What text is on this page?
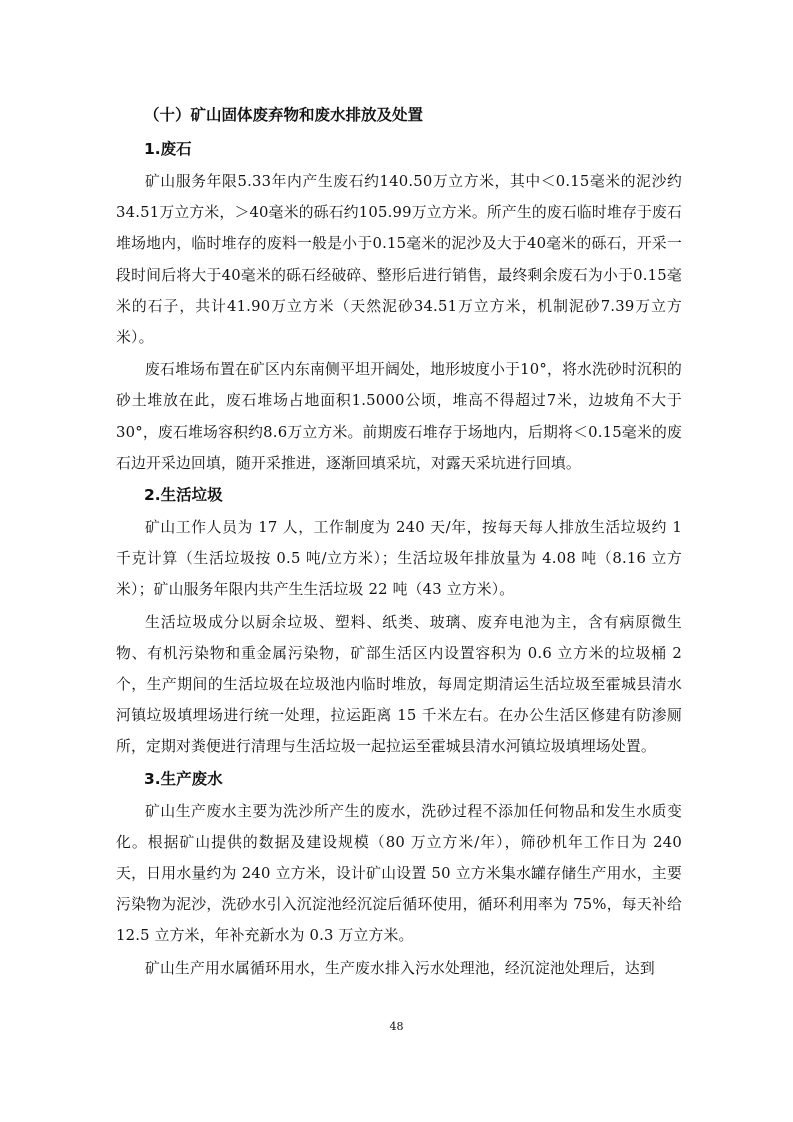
（十）矿山固体废弃物和废水排放及处置
1.废石

矿山服务年限5.33年内产生废石约140.50万立方米，其中＜0.15毫米的泥沙约34.51万立方米，＞40毫米的砾石约105.99万立方米。所产生的废石临时堆存于废石堆场地内，临时堆存的废料一般是小于0.15毫米的泥沙及大于40毫米的砾石，开采一段时间后将大于40毫米的砾石经破碎、整形后进行销售，最终剩余废石为小于0.15毫米的石子，共计41.90万立方米（天然泥砂34.51万立方米，机制泥砂7.39万立方米）。

废石堆场布置在矿区内东南侧平坦开阔处，地形坡度小于10°，将水洗砂时沉积的砂土堆放在此，废石堆场占地面积1.5000公顷，堆高不得超过7米，边坡角不大于30°，废石堆场容积约8.6万立方米。前期废石堆存于场地内，后期将＜0.15毫米的废石边开采边回填，随开采推进，逐渐回填采坑，对露天采坑进行回填。

2.生活垃圾

矿山工作人员为 17 人，工作制度为 240 天/年，按每天每人排放生活垃圾约 1 千克计算（生活垃圾按 0.5 吨/立方米）；生活垃圾年排放量为 4.08 吨（8.16 立方米）；矿山服务年限内共产生生活垃圾 22 吨（43 立方米）。

生活垃圾成分以厨余垃圾、塑料、纸类、玻璃、废弃电池为主，含有病原微生物、有机污染物和重金属污染物，矿部生活区内设置容积为 0.6 立方米的垃圾桶 2 个，生产期间的生活垃圾在垃圾池内临时堆放，每周定期清运生活垃圾至霍城县清水河镇垃圾填埋场进行统一处理，拉运距离 15 千米左右。在办公生活区修建有防渗厕所，定期对粪便进行清理与生活垃圾一起拉运至霍城县清水河镇垃圾填埋场处置。

3.生产废水

矿山生产废水主要为洗沙所产生的废水，洗砂过程不添加任何物品和发生水质变化。根据矿山提供的数据及建设规模（80 万立方米/年），筛砂机年工作日为 240 天，日用水量约为 240 立方米，设计矿山设置 50 立方米集水罐存储生产用水，主要污染物为泥沙，洗砂水引入沉淀池经沉淀后循环使用，循环利用率为 75%，每天补给 12.5 立方米，年补充新水为 0.3 万立方米。

矿山生产用水属循环用水，生产废水排入污水处理池，经沉淀池处理后，达到

48
